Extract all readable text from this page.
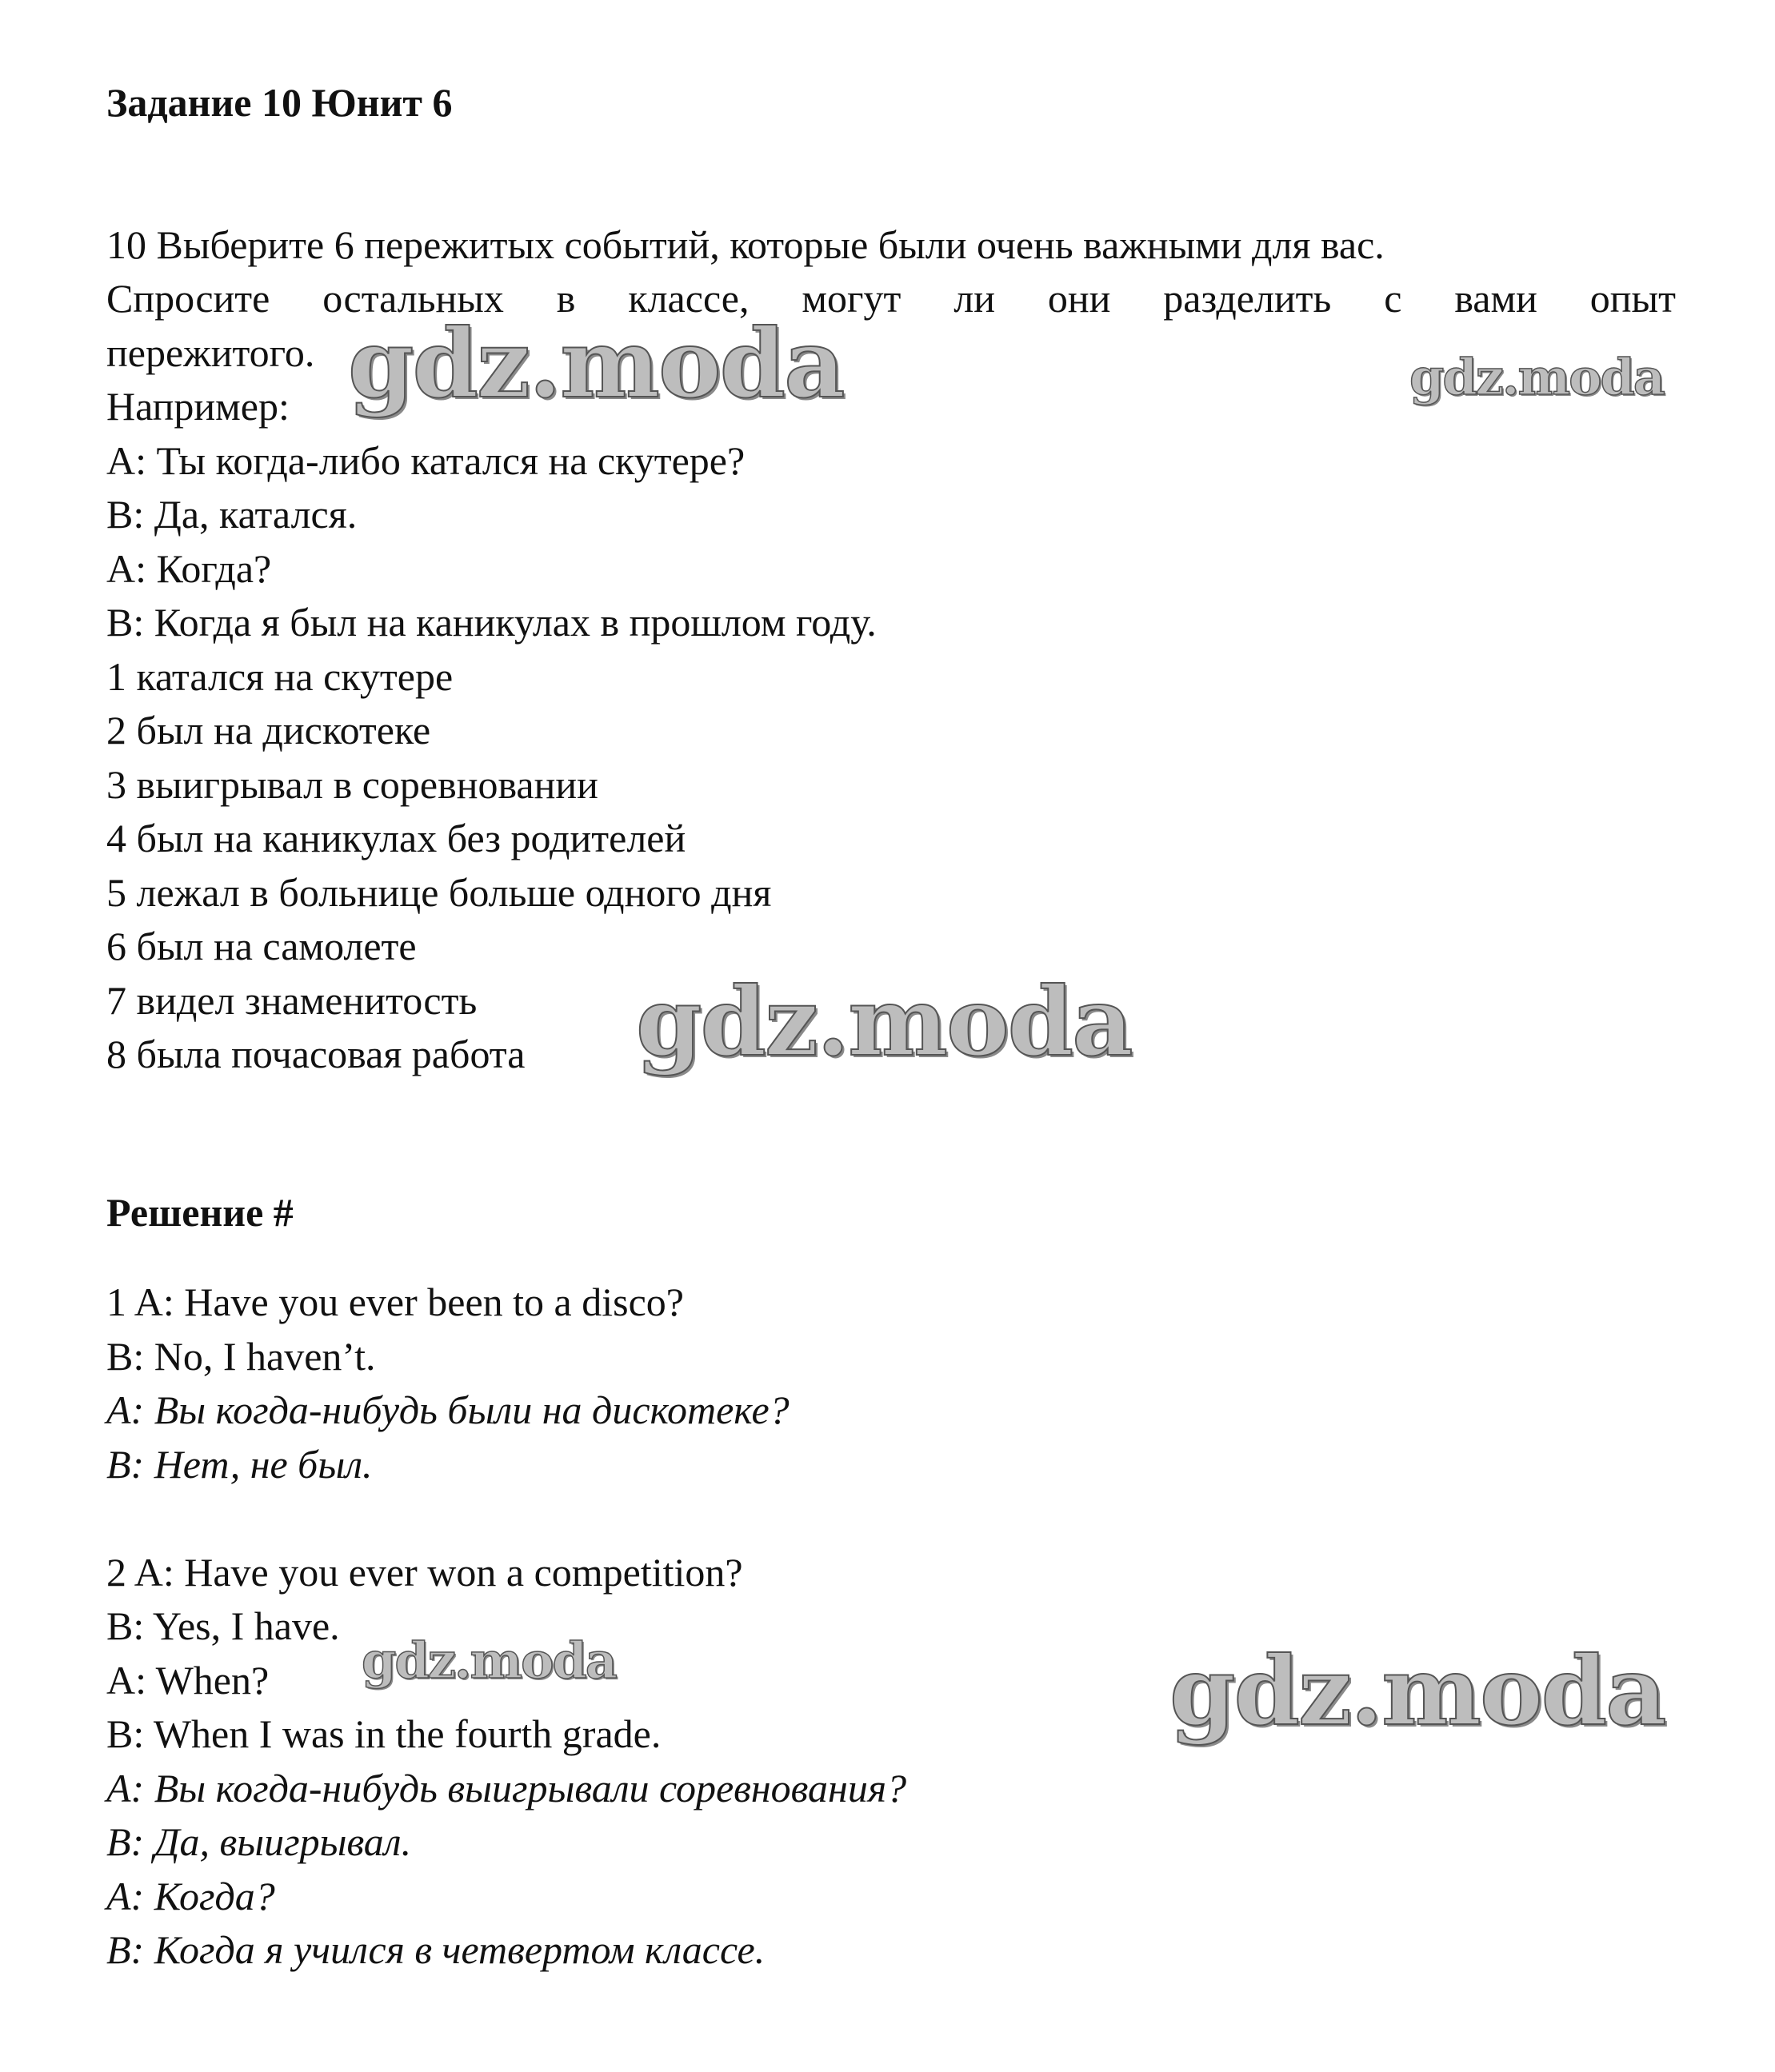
Задание 10 Юнит 6
10 Выберите 6 пережитых событий, которые были очень важными для вас.
Спросите остальных в классе, могут ли они разделить с вами опыт
пережитого.
Например:
A: Ты когда-либо катался на скутере?
B: Да, катался.
A: Когда?
B: Когда я был на каникулах в прошлом году.
1 катался на скутере
2 был на дискотеке
3 выигрывал в соревновании
4 был на каникулах без родителей
5 лежал в больнице больше одного дня
6 был на самолете
7 видел знаменитость
8 была почасовая работа
Решение #
1 A: Have you ever been to a disco?
B: No, I haven’t.
A: Вы когда-нибудь были на дискотеке?
B: Нет, не был.
2 A: Have you ever won a competition?
B: Yes, I have.
A: When?
B: When I was in the fourth grade.
A: Вы когда-нибудь выигрывали соревнования?
B: Да, выигрывал.
A: Когда?
B: Когда я учился в четвертом классе.
gdz.moda	gdz.moda
gdz.moda
gdz.moda	gdz.moda
